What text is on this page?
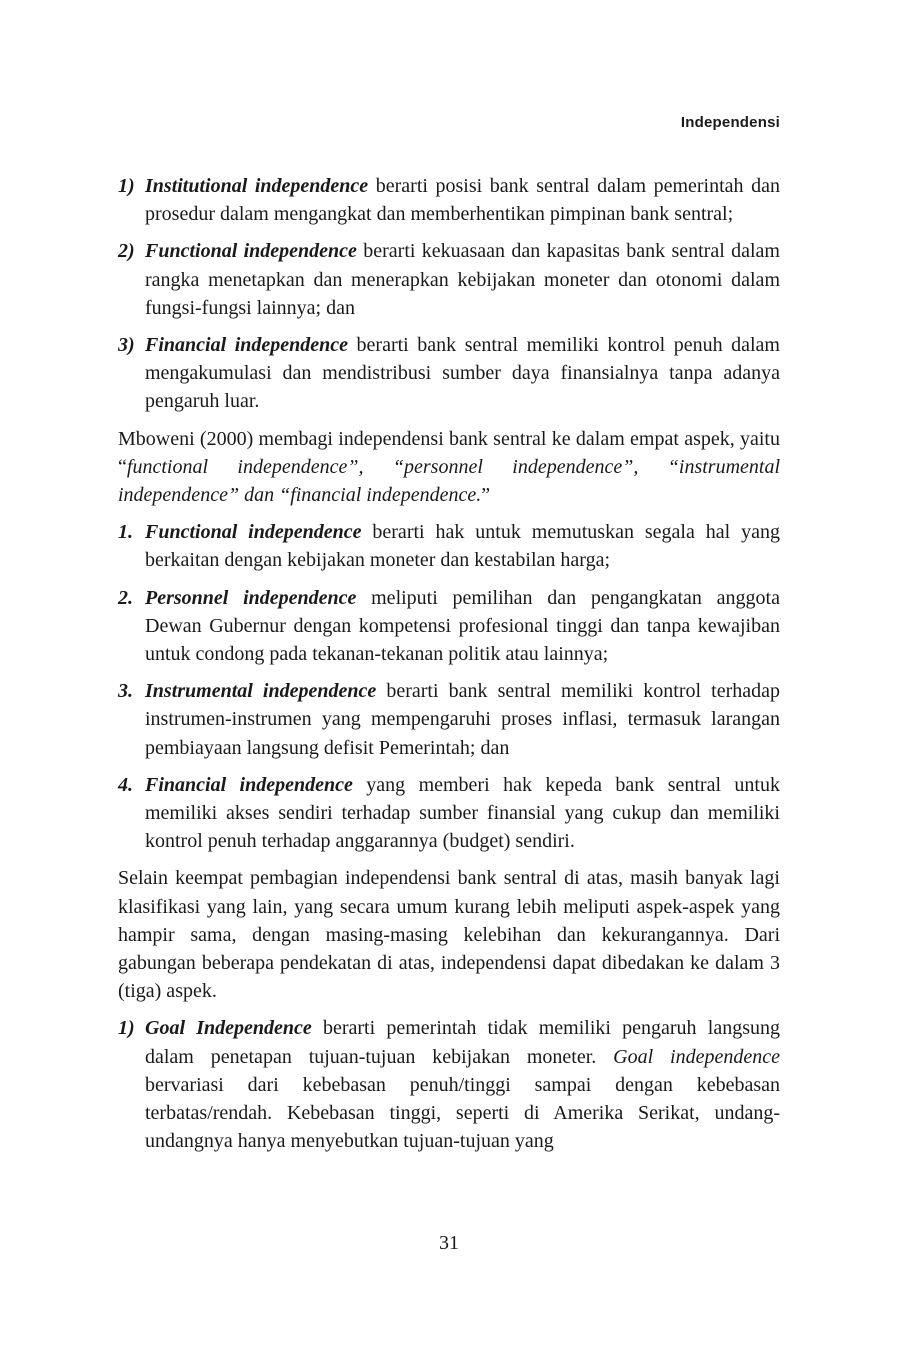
Independensi
1) Institutional independence berarti posisi bank sentral dalam pemerintah dan prosedur dalam mengangkat dan memberhentikan pimpinan bank sentral;
2) Functional independence berarti kekuasaan dan kapasitas bank sentral dalam rangka menetapkan dan menerapkan kebijakan moneter dan otonomi dalam fungsi-fungsi lainnya; dan
3) Financial independence berarti bank sentral memiliki kontrol penuh dalam mengakumulasi dan mendistribusi sumber daya finansialnya tanpa adanya pengaruh luar.

Mboweni (2000) membagi independensi bank sentral ke dalam empat aspek, yaitu “functional independence”, “personnel independence”, “instrumental independence” dan “financial independence.”

1. Functional independence berarti hak untuk memutuskan segala hal yang berkaitan dengan kebijakan moneter dan kestabilan harga;
2. Personnel independence meliputi pemilihan dan pengangkatan anggota Dewan Gubernur dengan kompetensi profesional tinggi dan tanpa kewajiban untuk condong pada tekanan-tekanan politik atau lainnya;
3. Instrumental independence berarti bank sentral memiliki kontrol terhadap instrumen-instrumen yang mempengaruhi proses inflasi, termasuk larangan pembiayaan langsung defisit Pemerintah; dan
4. Financial independence yang memberi hak kepeda bank sentral untuk memiliki akses sendiri terhadap sumber finansial yang cukup dan memiliki kontrol penuh terhadap anggarannya (budget) sendiri.

Selain keempat pembagian independensi bank sentral di atas, masih banyak lagi klasifikasi yang lain, yang secara umum kurang lebih meliputi aspek-aspek yang hampir sama, dengan masing-masing kelebihan dan kekurangannya. Dari gabungan beberapa pendekatan di atas, independensi dapat dibedakan ke dalam 3 (tiga) aspek.

1) Goal Independence berarti pemerintah tidak memiliki pengaruh langsung dalam penetapan tujuan-tujuan kebijakan moneter. Goal independence bervariasi dari kebebasan penuh/tinggi sampai dengan kebebasan terbatas/rendah. Kebebasan tinggi, seperti di Amerika Serikat, undang-undangnya hanya menyebutkan tujuan-tujuan yang
31
